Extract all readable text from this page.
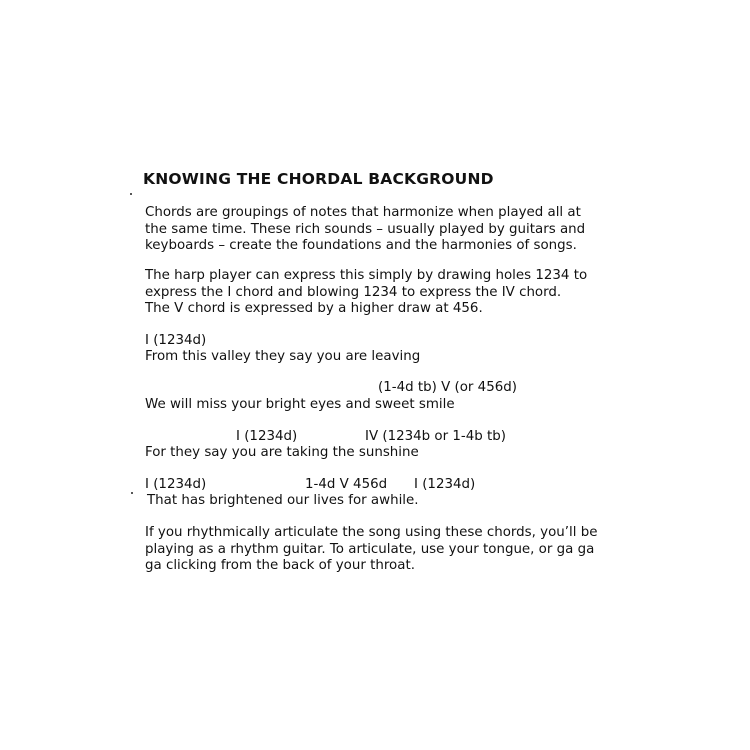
KNOWING THE CHORDAL BACKGROUND
Chords are groupings of notes that harmonize when played all at
the same time. These rich sounds – usually played by guitars and
keyboards – create the foundations and the harmonies of songs.
The harp player can express this simply by drawing holes 1234 to
express the I chord and blowing 1234 to express the IV chord.
The V chord is expressed by a higher draw at 456.
I (1234d)
From this valley they say you are leaving
(1-4d tb) V (or 456d)
We will miss your bright eyes and sweet smile
I (1234d)	IV (1234b or 1-4b tb)
For they say you are taking the sunshine
I (1234d)	1-4d V 456d I (1234d)
That has brightened our lives for awhile.
If you rhythmically articulate the song using these chords, you’ll be
playing as a rhythm guitar. To articulate, use your tongue, or ga ga
ga clicking from the back of your throat.
